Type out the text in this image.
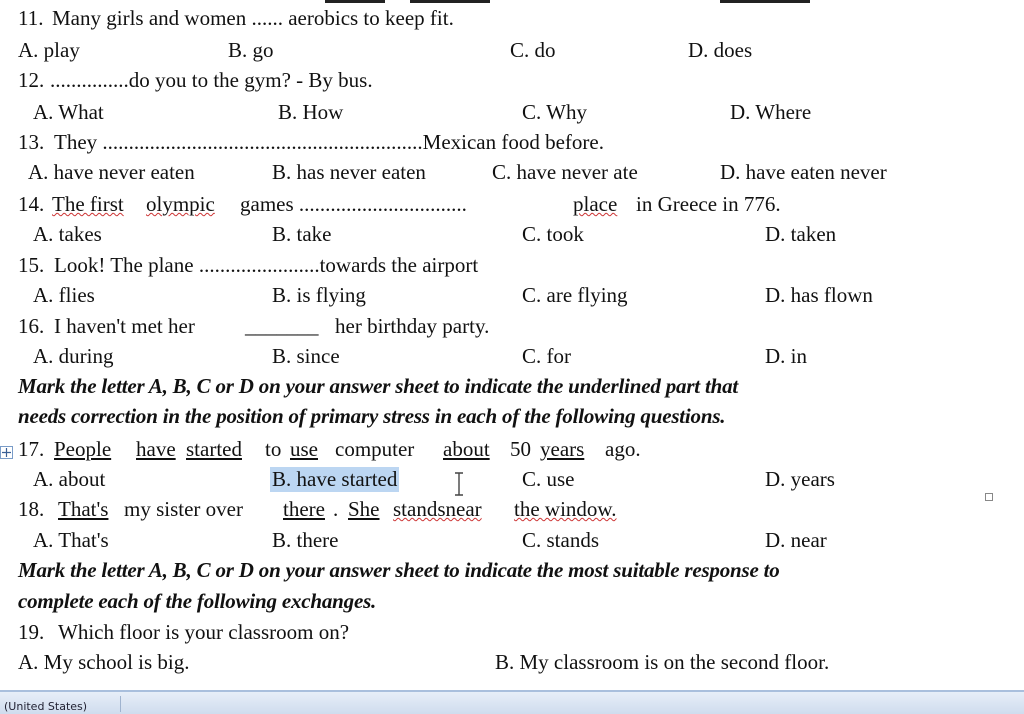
11. Many girls and women ...... aerobics to keep fit.
A. play	B. go	C. do	D. does
12. ...............do you to the gym? - By bus.
A. What	B. How	C. Why	D. Where
13. They .............................................................Mexican food before.
A. have never eaten	B. has never eaten	C. have never ate	D. have eaten never
14. The first olympic games ................................	place in Greece in 776.
A. takes	B. take	C. took	D. taken
15. Look! The plane .......................towards the airport
A. flies	B. is flying	C. are flying	D. has flown
16. I haven't met her _______ her birthday party.
A. during	B. since	C. for	D. in
Mark the letter A, B, C or D on your answer sheet to indicate the underlined part that
needs correction in the position of primary stress in each of the following questions.
17. People have started to use computer about 50 years ago.
A. about	B. have started	C. use	D. years
18. That's my sister over there . She standsnear the window.
A. That's	B. there	C. stands	D. near
Mark the letter A, B, C or D on your answer sheet to indicate the most suitable response to
complete each of the following exchanges.
19. Which floor is your classroom on?
A. My school is big.	B. My classroom is on the second floor.
(United States)
